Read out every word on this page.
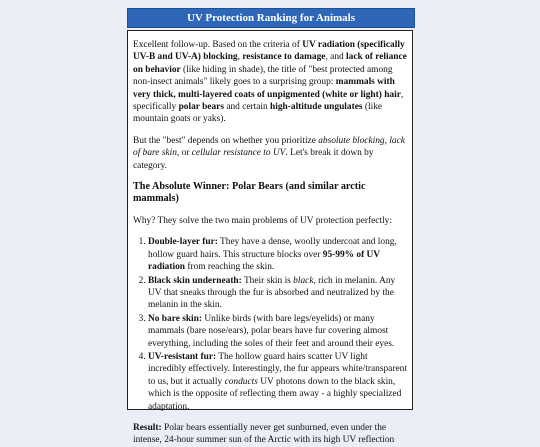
UV Protection Ranking for Animals

Excellent follow-up. Based on the criteria of UV radiation (specifically UV-B and UV-A) blocking, resistance to damage, and lack of reliance on behavior (like hiding in shade), the title of "best protected among non-insect animals" likely goes to a surprising group: mammals with very thick, multi-layered coats of unpigmented (white or light) hair, specifically polar bears and certain high-altitude ungulates (like mountain goats or yaks).

But the "best" depends on whether you prioritize absolute blocking, lack of bare skin, or cellular resistance to UV. Let's break it down by category.

The Absolute Winner: Polar Bears (and similar arctic mammals)

Why? They solve the two main problems of UV protection perfectly:

1. Double-layer fur: They have a dense, woolly undercoat and long, hollow guard hairs. This structure blocks over 95-99% of UV radiation from reaching the skin.
2. Black skin underneath: Their skin is black, rich in melanin. Any UV that sneaks through the fur is absorbed and neutralized by the melanin in the skin.
3. No bare skin: Unlike birds (with bare legs/eyelids) or many mammals (bare nose/ears), polar bears have fur covering almost everything, including the soles of their feet and around their eyes.
4. UV-resistant fur: The hollow guard hairs scatter UV light incredibly effectively. Interestingly, the fur appears white/transparent to us, but it actually conducts UV photons down to the black skin, which is the opposite of reflecting them away - a highly specialized adaptation.

Result: Polar bears essentially never get sunburned, even under the intense, 24-hour summer sun of the Arctic with its high UV reflection
